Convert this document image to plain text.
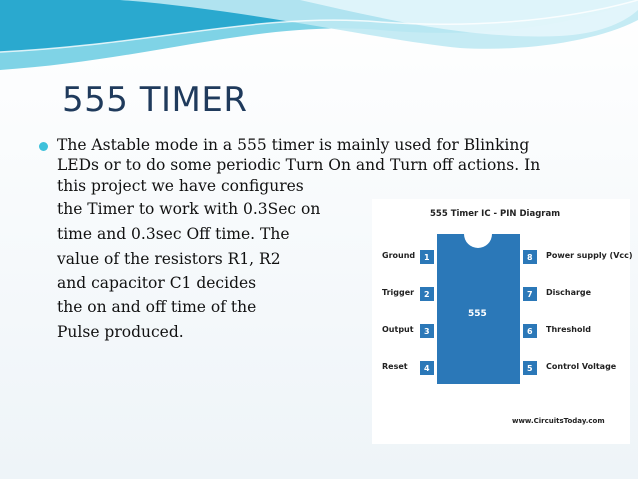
555 TIMER
The Astable mode in a 555 timer is mainly used for Blinking
LEDs or to do some periodic Turn On and Turn off actions. In
this project we have configures
the Timer to work with 0.3Sec on
time and 0.3sec Off time. The
value of the resistors R1, R2
and capacitor C1 decides
the on and off time of the
Pulse produced.
555 Timer IC - PIN Diagram
555
Ground
Trigger
Output
Reset
1
2
3
4
8
7
6
5
Power supply (Vcc)
Discharge
Threshold
Control Voltage
www.CircuitsToday.com
